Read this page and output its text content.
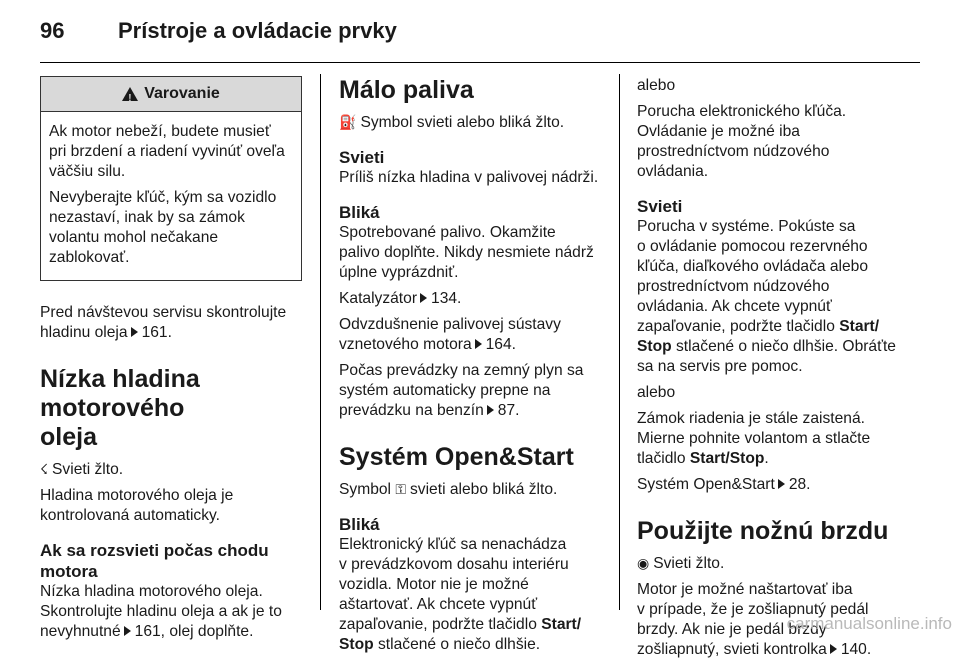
96 Prístroje a ovládacie prvky
!
Varovanie

Ak motor nebeží, budete musieť
pri brzdení a riadení vyvinúť oveľa
väčšiu silu.

Nevyberajte kľúč, kým sa vozidlo
nezastaví, inak by sa zámok
volantu mohol nečakane
zablokovať.

Pred návštevou servisu skontrolujte
hladinu oleja 161.

Nízka hladina motorového
oleja

☇ Svieti žlto.

Hladina motorového oleja je
kontrolovaná automaticky.

Ak sa rozsvieti počas chodu
motora

Nízka hladina motorového oleja.
Skontrolujte hladinu oleja a ak je to
nevyhnutné 161, olej doplňte.

Málo paliva

⛽ Symbol svieti alebo bliká žlto.

Svieti

Príliš nízka hladina v palivovej nádrži.

Bliká

Spotrebované palivo. Okamžite
palivo doplňte. Nikdy nesmiete nádrž
úplne vyprázdniť.

Katalyzátor 134.

Odvzdušnenie palivovej sústavy
vznetového motora 164.

Počas prevádzky na zemný plyn sa
systém automaticky prepne na
prevádzku na benzín 87.

Systém Open&Start

Symbol ⚿ svieti alebo bliká žlto.

Bliká

Elektronický kľúč sa nenachádza
v prevádzkovom dosahu interiéru
vozidla. Motor nie je možné
aštartovať. Ak chcete vypnúť
zapaľovanie, podržte tlačidlo Start/
Stop stlačené o niečo dlhšie.

alebo

Porucha elektronického kľúča.
Ovládanie je možné iba
prostredníctvom núdzového
ovládania.

Svieti

Porucha v systéme. Pokúste sa
o ovládanie pomocou rezervného
kľúča, diaľkového ovládača alebo
prostredníctvom núdzového
ovládania. Ak chcete vypnúť
zapaľovanie, podržte tlačidlo Start/
Stop stlačené o niečo dlhšie. Obráťte
sa na servis pre pomoc.

alebo

Zámok riadenia je stále zaistená.
Mierne pohnite volantom a stlačte
tlačidlo Start/Stop.

Systém Open&Start 28.

Použijte nožnú brzdu

◉ Svieti žlto.

Motor je možné naštartovať iba
v prípade, že je zošliapnutý pedál
brzdy. Ak nie je pedál brzdy
zošliapnutý, svieti kontrolka 140.

carmanualsonline.info
